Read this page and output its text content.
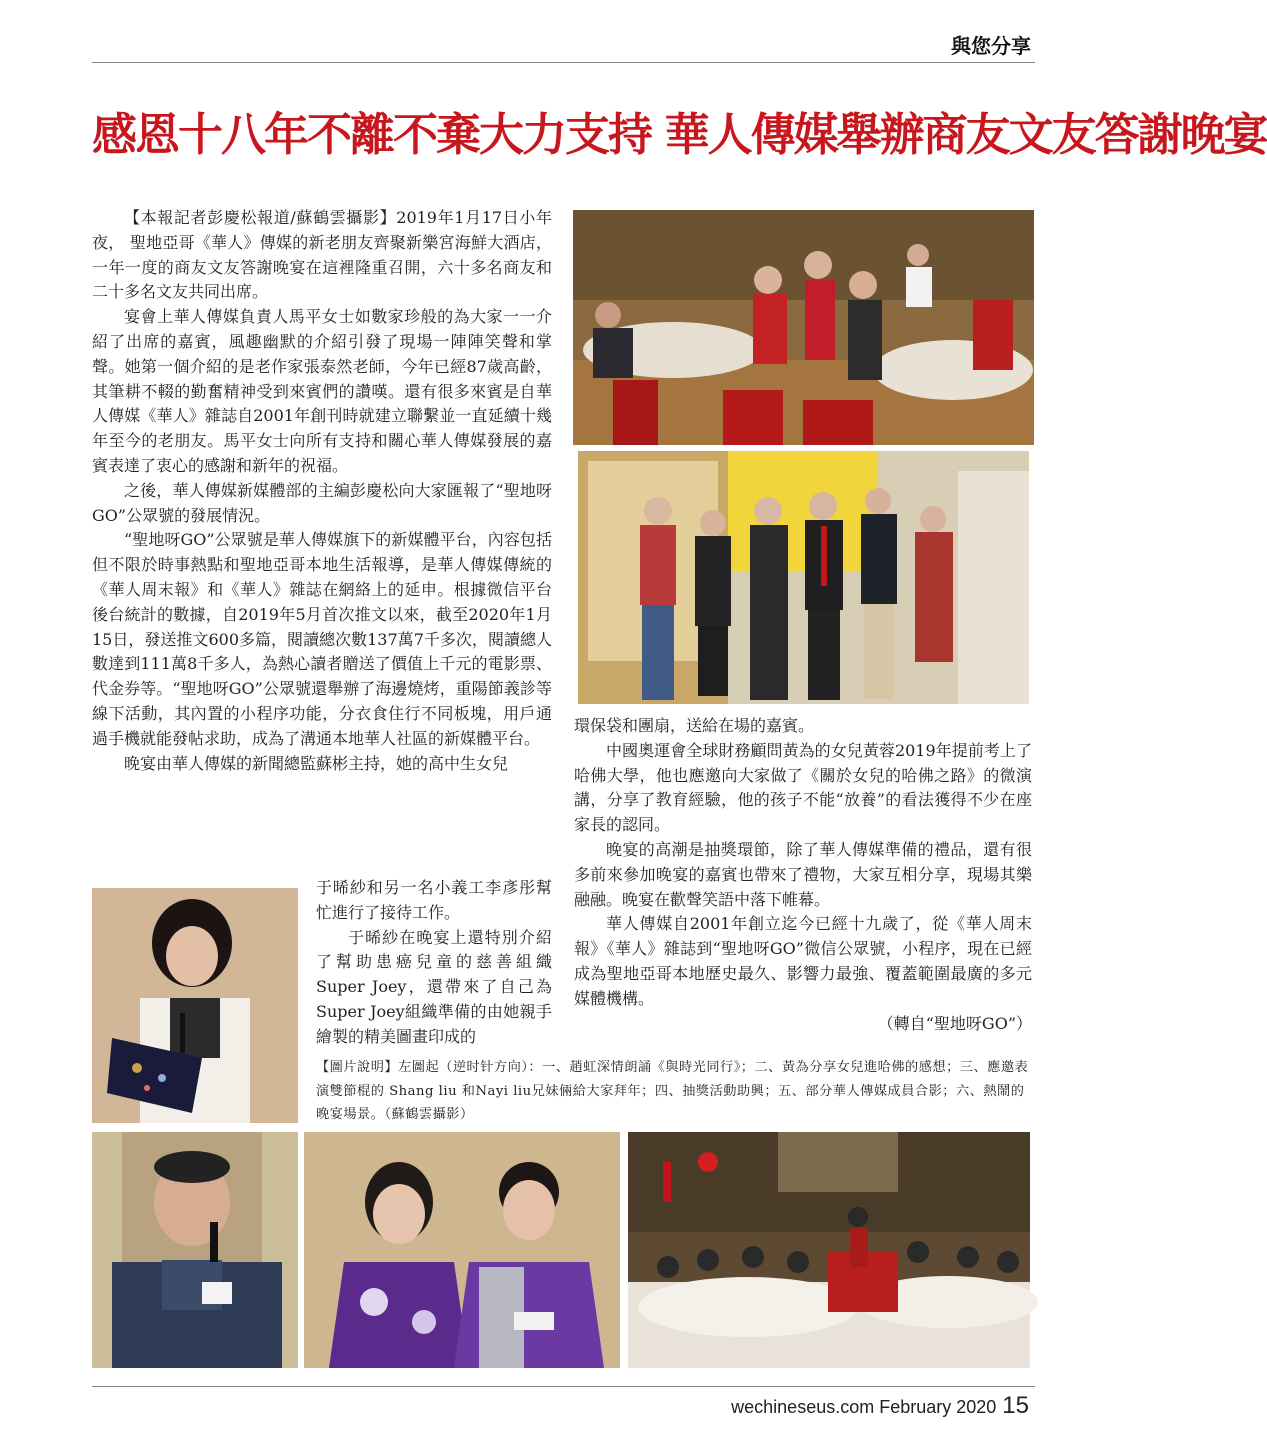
與您分享
感恩十八年不離不棄大力支持 華人傳媒舉辦商友文友答謝晚宴

【本報記者彭慶松報道/蘇鶴雲攝影】2019年1月17日小年夜， 聖地亞哥《華人》傳媒的新老朋友齊聚新樂宮海鮮大酒店，一年一度的商友文友答謝晚宴在這裡隆重召開，六十多名商友和二十多名文友共同出席。

宴會上華人傳媒負責人馬平女士如數家珍般的為大家一一介紹了出席的嘉賓，風趣幽默的介紹引發了現場一陣陣笑聲和掌聲。她第一個介紹的是老作家張泰然老師，今年已經87歲高齡，其筆耕不輟的勤奮精神受到來賓們的讚嘆。還有很多來賓是自華人傳媒《華人》雜誌自2001年創刊時就建立聯繫並一直延續十幾年至今的老朋友。馬平女士向所有支持和關心華人傳媒發展的嘉賓表達了衷心的感謝和新年的祝福。

之後，華人傳媒新媒體部的主編彭慶松向大家匯報了“聖地呀GO”公眾號的發展情況。

“聖地呀GO”公眾號是華人傳媒旗下的新媒體平台，內容包括但不限於時事熱點和聖地亞哥本地生活報導，是華人傳媒傳統的《華人周末報》和《華人》雜誌在網絡上的延申。根據微信平台後台統計的數據，自2019年5月首次推文以來，截至2020年1月15日，發送推文600多篇，閱讀總次數137萬7千多次，閱讀總人數達到111萬8千多人，為熱心讀者贈送了價值上千元的電影票、代金券等。“聖地呀GO”公眾號還舉辦了海邊燒烤，重陽節義診等線下活動，其內置的小程序功能，分衣食住行不同板塊，用戶通過手機就能發帖求助，成為了溝通本地華人社區的新媒體平台。

晚宴由華人傳媒的新聞總監蘇彬主持，她的高中生女兒

于晞紗和另一名小義工李彥彤幫忙進行了接待工作。

于晞紗在晚宴上還特別介紹了幫助患癌兒童的慈善組織Super Joey，還帶來了自己為Super Joey組織準備的由她親手繪製的精美圖畫印成的

環保袋和團扇，送給在場的嘉賓。

中國奧運會全球財務顧問黃為的女兒黃蓉2019年提前考上了哈佛大學，他也應邀向大家做了《關於女兒的哈佛之路》的微演講，分享了教育經驗，他的孩子不能“放養”的看法獲得不少在座家長的認同。

晚宴的高潮是抽獎環節，除了華人傳媒準備的禮品，還有很多前來參加晚宴的嘉賓也帶來了禮物，大家互相分享，現場其樂融融。晚宴在歡聲笑語中落下帷幕。

華人傳媒自2001年創立迄今已經十九歲了，從《華人周末報》《華人》雜誌到“聖地呀GO”微信公眾號，小程序，現在已經成為聖地亞哥本地歷史最久、影響力最強、覆蓋範圍最廣的多元媒體機構。

（轉自“聖地呀GO”）

【圖片說明】左圖起（逆时针方向）：一、趙虹深情朗誦《與時光同行》；二、黃為分享女兒進哈佛的感想；三、應邀表演雙節棍的 Shang liu 和Nayi liu兄妹倆給大家拜年；四、抽獎活動助興；五、部分華人傳媒成員合影；六、熱鬧的晚宴場景。（蘇鶴雲攝影）

wechineseus.com February 2020 15
